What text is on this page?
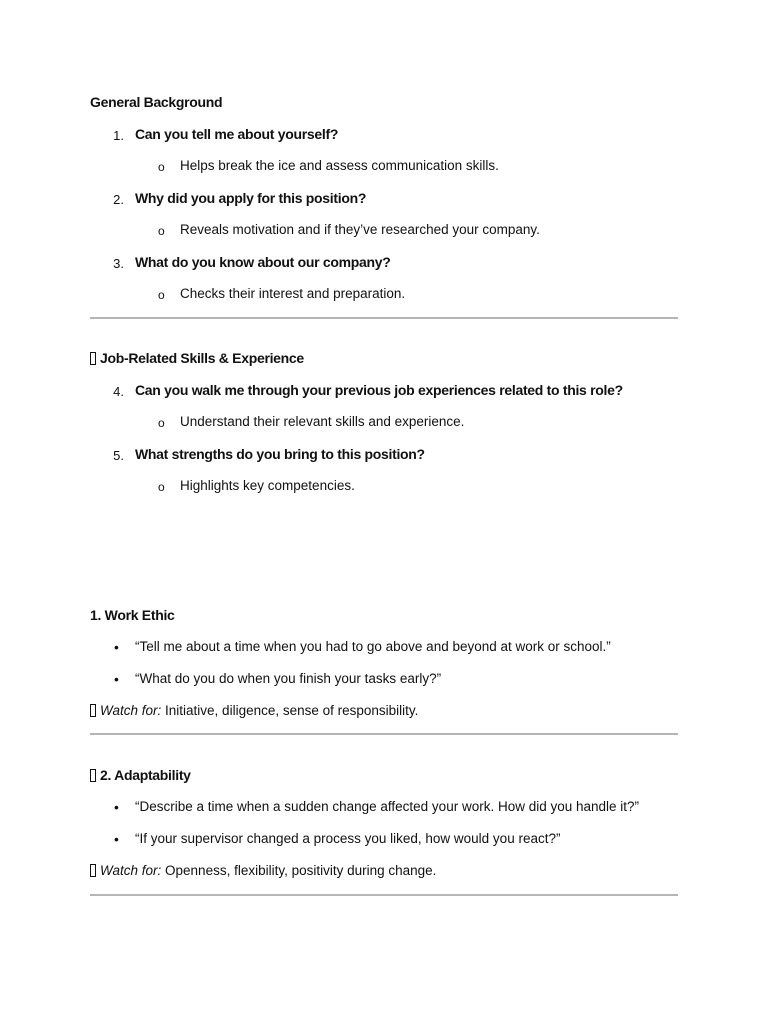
General Background
1. Can you tell me about yourself?
o Helps break the ice and assess communication skills.
2. Why did you apply for this position?
o Reveals motivation and if they’ve researched your company.
3. What do you know about our company?
o Checks their interest and preparation.
Job-Related Skills & Experience
4. Can you walk me through your previous job experiences related to this role?
o Understand their relevant skills and experience.
5. What strengths do you bring to this position?
o Highlights key competencies.
1. Work Ethic
• “Tell me about a time when you had to go above and beyond at work or school.”
• “What do you do when you finish your tasks early?”
Watch for: Initiative, diligence, sense of responsibility.
2. Adaptability
• “Describe a time when a sudden change affected your work. How did you handle it?”
• “If your supervisor changed a process you liked, how would you react?”
Watch for: Openness, flexibility, positivity during change.
